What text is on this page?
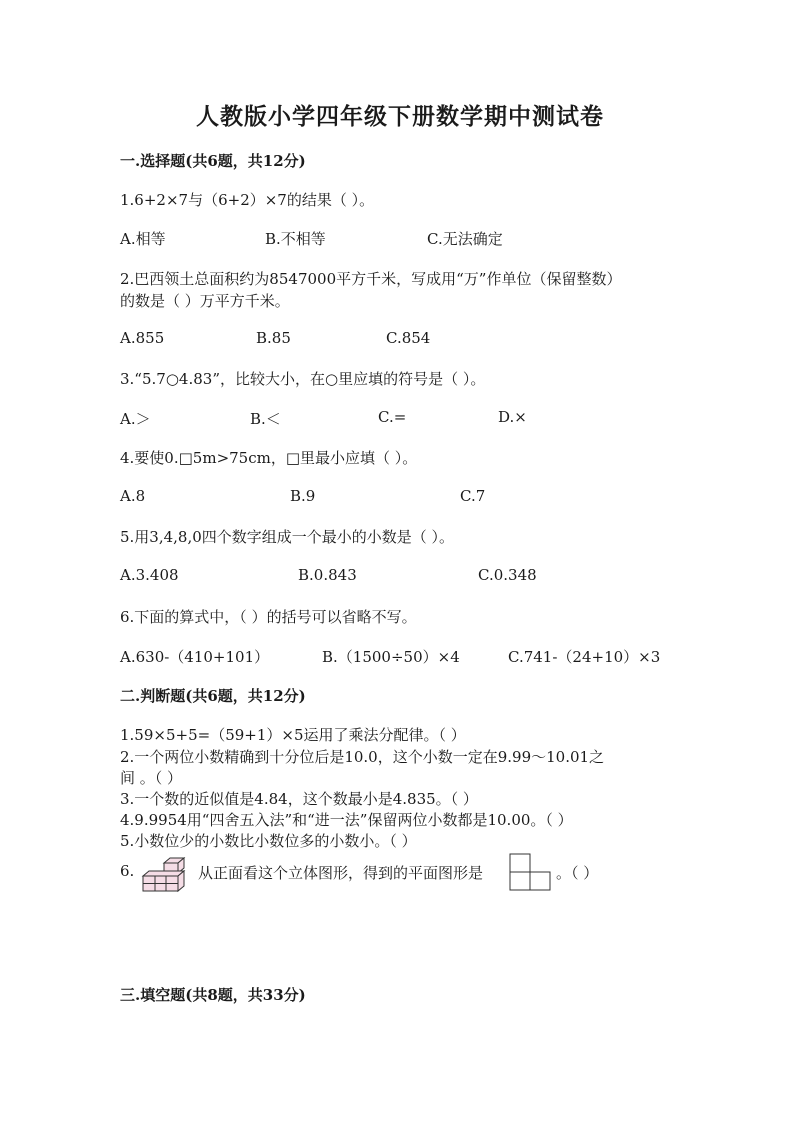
人教版小学四年级下册数学期中测试卷
一.选择题(共6题，共12分)
1.6+2×7与（6+2）×7的结果（ ）。
A.相等	B.不相等	C.无法确定
2.巴西领土总面积约为8547000平方千米，写成用“万”作单位（保留整数）
的数是（ ）万平方千米。
A.855	B.85	C.854
3.“5.7○4.83”，比较大小，在○里应填的符号是（ ）。
A.＞	B.＜	C.=	D.×
4.要使0.□5m>75cm，□里最小应填（ ）。
A.8	B.9	C.7
5.用3,4,8,0四个数字组成一个最小的小数是（ ）。
A.3.408	B.0.843	C.0.348
6.下面的算式中，（ ）的括号可以省略不写。
A.630-（410+101）	B.（1500÷50）×4	C.741-（24+10）×3
二.判断题(共6题，共12分)
1.59×5+5=（59+1）×5运用了乘法分配律。（ ）
2.一个两位小数精确到十分位后是10.0，这个小数一定在9.99～10.01之
间 。（ ）
3.一个数的近似值是4.84，这个数最小是4.835。（ ）
4.9.9954用“四舍五入法”和“进一法”保留两位小数都是10.00。（ ）
5.小数位少的小数比小数位多的小数小。（ ）
6.	从正面看这个立体图形，得到的平面图形是	。（ ）
三.填空题(共8题，共33分)
